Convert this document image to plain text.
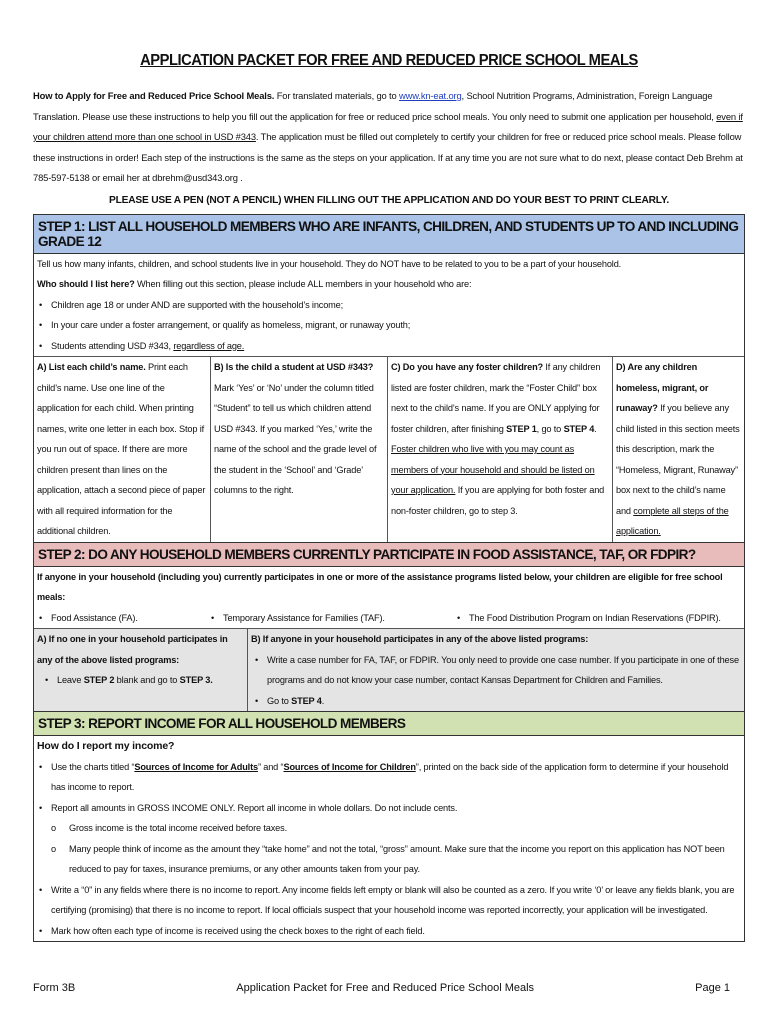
APPLICATION PACKET FOR FREE AND REDUCED PRICE SCHOOL MEALS
How to Apply for Free and Reduced Price School Meals. For translated materials, go to www.kn-eat.org, School Nutrition Programs, Administration, Foreign Language Translation. Please use these instructions to help you fill out the application for free or reduced price school meals. You only need to submit one application per household, even if your children attend more than one school in USD #343. The application must be filled out completely to certify your children for free or reduced price school meals. Please follow these instructions in order! Each step of the instructions is the same as the steps on your application. If at any time you are not sure what to do next, please contact Deb Brehm at 785-597-5138 or email her at dbrehm@usd343.org .
PLEASE USE A PEN (NOT A PENCIL) WHEN FILLING OUT THE APPLICATION AND DO YOUR BEST TO PRINT CLEARLY.
STEP 1: LIST ALL HOUSEHOLD MEMBERS WHO ARE INFANTS, CHILDREN, AND STUDENTS UP TO AND INCLUDING GRADE 12
Tell us how many infants, children, and school students live in your household. They do NOT have to be related to you to be a part of your household.
Who should I list here? When filling out this section, please include ALL members in your household who are:
• Children age 18 or under AND are supported with the household’s income;
• In your care under a foster arrangement, or qualify as homeless, migrant, or runaway youth;
• Students attending USD #343, regardless of age.
A) List each child’s name. Print each child’s name. Use one line of the application for each child. When printing names, write one letter in each box. Stop if you run out of space. If there are more children present than lines on the application, attach a second piece of paper with all required information for the additional children.
B) Is the child a student at USD #343? Mark ‘Yes’ or ‘No’ under the column titled “Student” to tell us which children attend USD #343. If you marked ‘Yes,’ write the name of the school and the grade level of the student in the ‘School’ and ‘Grade’ columns to the right.
C) Do you have any foster children? If any children listed are foster children, mark the “Foster Child” box next to the child’s name. If you are ONLY applying for foster children, after finishing STEP 1, go to STEP 4. Foster children who live with you may count as members of your household and should be listed on your application. If you are applying for both foster and non-foster children, go to step 3.
D) Are any children homeless, migrant, or runaway? If you believe any child listed in this section meets this description, mark the “Homeless, Migrant, Runaway” box next to the child’s name and complete all steps of the application.
STEP 2: DO ANY HOUSEHOLD MEMBERS CURRENTLY PARTICIPATE IN FOOD ASSISTANCE, TAF, OR FDPIR?
If anyone in your household (including you) currently participates in one or more of the assistance programs listed below, your children are eligible for free school meals:
• Food Assistance (FA).	• Temporary Assistance for Families (TAF).	• The Food Distribution Program on Indian Reservations (FDPIR).
A) If no one in your household participates in any of the above listed programs:
• Leave STEP 2 blank and go to STEP 3.
B) If anyone in your household participates in any of the above listed programs:
• Write a case number for FA, TAF, or FDPIR. You only need to provide one case number. If you participate in one of these programs and do not know your case number, contact Kansas Department for Children and Families.
• Go to STEP 4.
STEP 3: REPORT INCOME FOR ALL HOUSEHOLD MEMBERS
How do I report my income?
• Use the charts titled “Sources of Income for Adults” and “Sources of Income for Children”, printed on the back side of the application form to determine if your household has income to report.
• Report all amounts in GROSS INCOME ONLY. Report all income in whole dollars. Do not include cents.
o Gross income is the total income received before taxes.
o Many people think of income as the amount they “take home” and not the total, “gross” amount. Make sure that the income you report on this application has NOT been reduced to pay for taxes, insurance premiums, or any other amounts taken from your pay.
• Write a “0” in any fields where there is no income to report. Any income fields left empty or blank will also be counted as a zero. If you write ‘0’ or leave any fields blank, you are certifying (promising) that there is no income to report. If local officials suspect that your household income was reported incorrectly, your application will be investigated.
• Mark how often each type of income is received using the check boxes to the right of each field.
Form 3B	Application Packet for Free and Reduced Price School Meals	Page 1
